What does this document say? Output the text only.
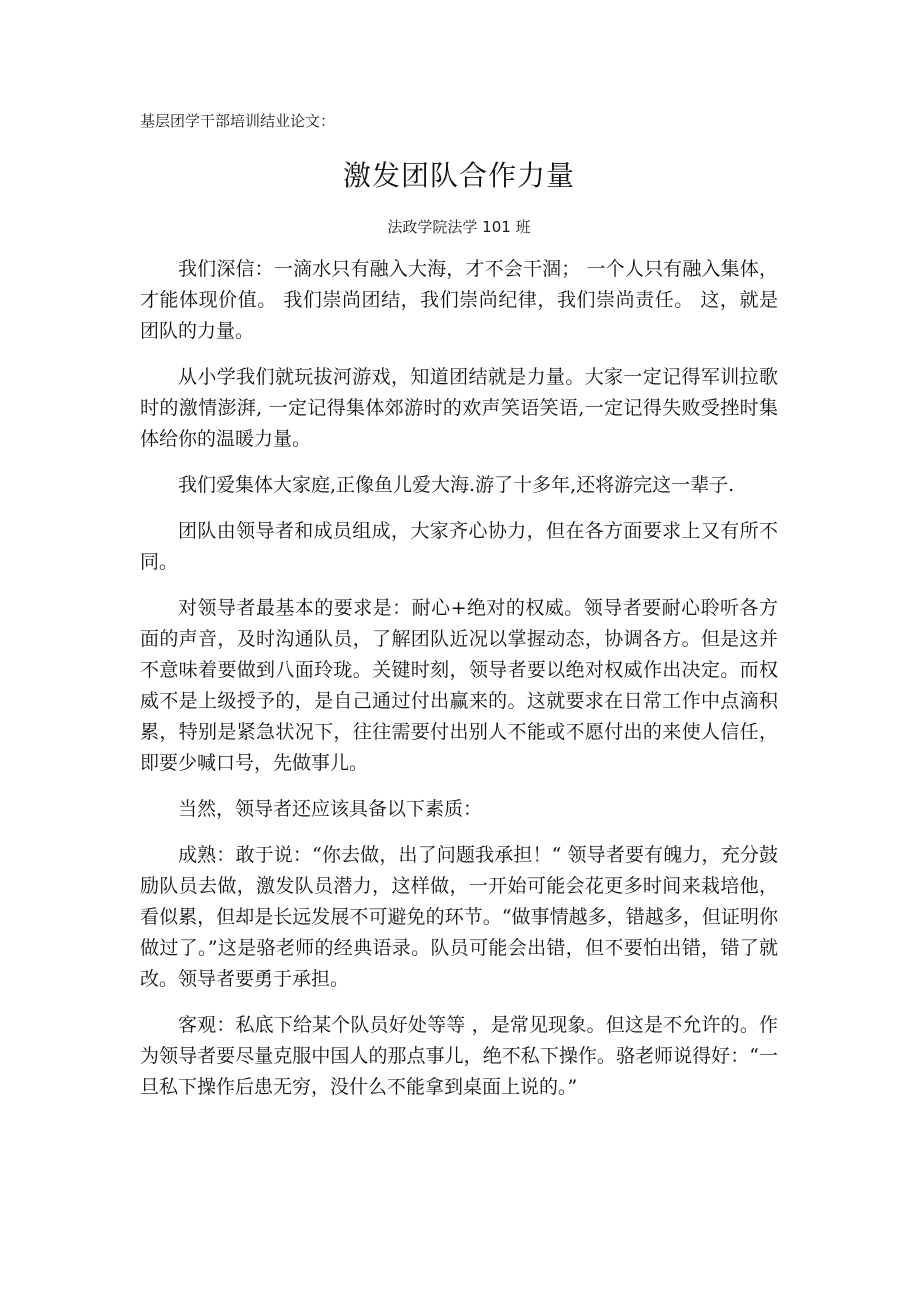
基层团学干部培训结业论文：
激发团队合作力量
法政学院法学 101 班

我们深信：一滴水只有融入大海，才不会干涸； 一个人只有融入集体，才能体现价值。 我们崇尚团结，我们崇尚纪律，我们崇尚责任。 这，就是团队的力量。

从小学我们就玩拔河游戏，知道团结就是力量。大家一定记得军训拉歌时的激情澎湃, 一定记得集体郊游时的欢声笑语笑语,一定记得失败受挫时集体给你的温暖力量。

我们爱集体大家庭,正像鱼儿爱大海.游了十多年,还将游完这一辈子.

团队由领导者和成员组成，大家齐心协力，但在各方面要求上又有所不同。

对领导者最基本的要求是：耐心+绝对的权威。领导者要耐心聆听各方面的声音，及时沟通队员，了解团队近况以掌握动态，协调各方。但是这并不意味着要做到八面玲珑。关键时刻，领导者要以绝对权威作出决定。而权威不是上级授予的，是自己通过付出赢来的。这就要求在日常工作中点滴积累，特别是紧急状况下，往往需要付出别人不能或不愿付出的来使人信任，即要少喊口号，先做事儿。

当然，领导者还应该具备以下素质：

成熟：敢于说：“你去做，出了问题我承担！“ 领导者要有魄力，充分鼓励队员去做，激发队员潜力，这样做，一开始可能会花更多时间来栽培他，看似累，但却是长远发展不可避免的环节。“做事情越多，错越多，但证明你做过了。”这是骆老师的经典语录。队员可能会出错，但不要怕出错，错了就改。领导者要勇于承担。

客观：私底下给某个队员好处等等 ，是常见现象。但这是不允许的。作为领导者要尽量克服中国人的那点事儿，绝不私下操作。骆老师说得好：“一旦私下操作后患无穷，没什么不能拿到桌面上说的。”
